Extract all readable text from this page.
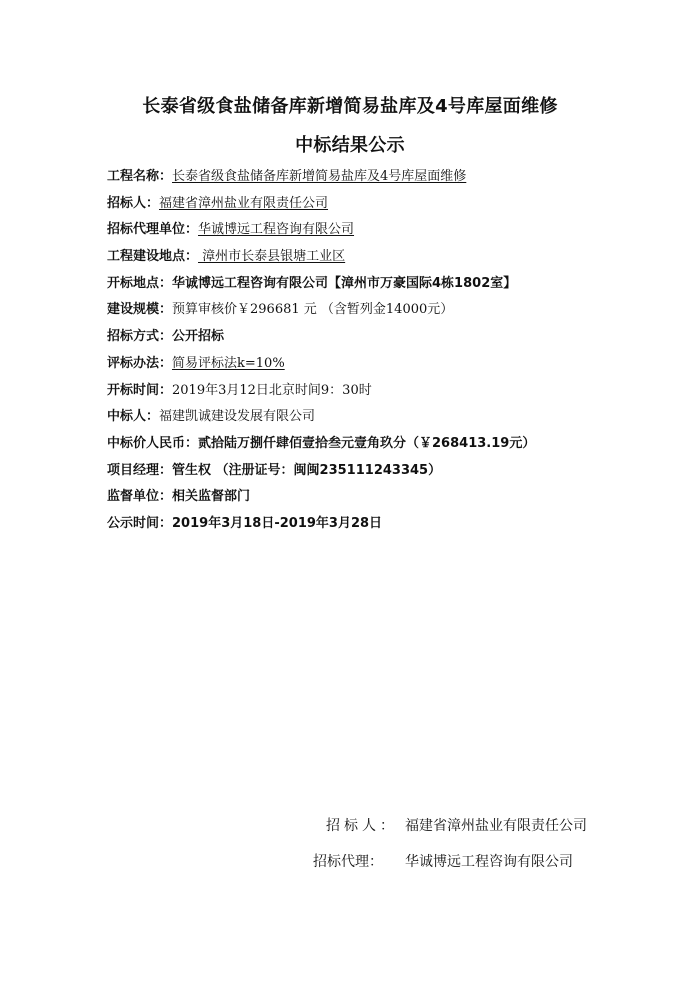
长泰省级食盐储备库新增简易盐库及4号库屋面维修
中标结果公示
工程名称：长泰省级食盐储备库新增简易盐库及4号库屋面维修
招标人：福建省漳州盐业有限责任公司
招标代理单位：华诚博远工程咨询有限公司
工程建设地点： 漳州市长泰县银塘工业区
开标地点：华诚博远工程咨询有限公司【漳州市万豪国际4栋1802室】
建设规模：预算审核价￥296681 元 （含暂列金14000元）
招标方式：公开招标
评标办法：简易评标法k=10%
开标时间：2019年3月12日北京时间9：30时
中标人：福建凯诚建设发展有限公司
中标价人民币：贰拾陆万捌仟肆佰壹拾叁元壹角玖分（￥268413.19元）
项目经理：管生权 （注册证号：闽闽235111243345）
监督单位：相关监督部门
公示时间：2019年3月18日-2019年3月28日
招标人： 福建省漳州盐业有限责任公司
招标代理： 华诚博远工程咨询有限公司
